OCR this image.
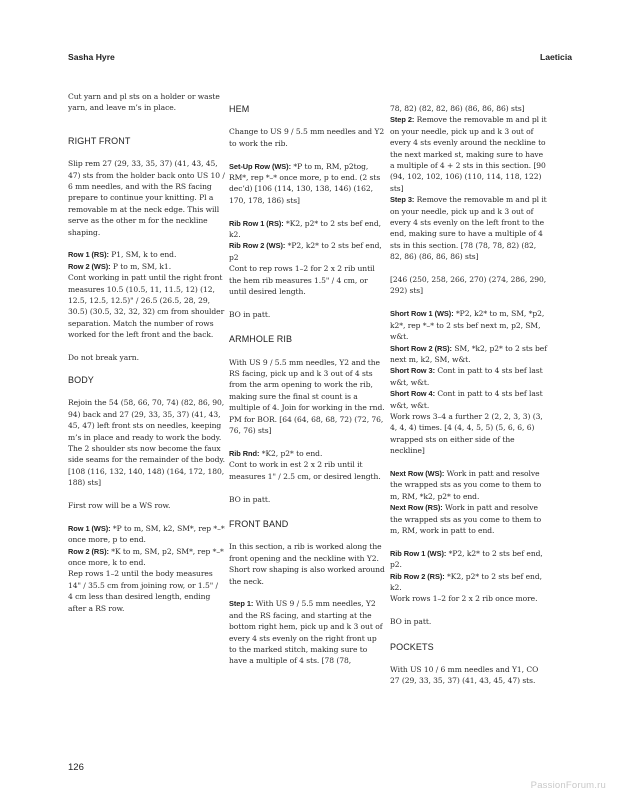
Sasha Hyre	Laeticia

Cut yarn and pl sts on a holder or waste yarn, and leave m’s in place.

RIGHT FRONT

Slip rem 27 (29, 33, 35, 37) (41, 43, 45, 47) sts from the holder back onto US 10 / 6 mm needles, and with the RS facing prepare to continue your knitting. Pl a removable m at the neck edge. This will serve as the other m for the neckline shaping.

Row 1 (RS): P1, SM, k to end.

Row 2 (WS): P to m, SM, k1.

Cont working in patt until the right front measures 10.5 (10.5, 11, 11.5, 12) (12, 12.5, 12.5, 12.5)" / 26.5 (26.5, 28, 29, 30.5) (30.5, 32, 32, 32) cm from shoulder separation. Match the number of rows worked for the left front and the back.

Do not break yarn.

BODY

Rejoin the 54 (58, 66, 70, 74) (82, 86, 90, 94) back and 27 (29, 33, 35, 37) (41, 43, 45, 47) left front sts on needles, keeping m’s in place and ready to work the body. The 2 shoulder sts now become the faux side seams for the remainder of the body. [108 (116, 132, 140, 148) (164, 172, 180, 188) sts]

First row will be a WS row.

Row 1 (WS): *P to m, SM, k2, SM*, rep *–* once more, p to end.

Row 2 (RS): *K to m, SM, p2, SM*, rep *–* once more, k to end.

Rep rows 1–2 until the body measures 14" / 35.5 cm from joining row, or 1.5" / 4 cm less than desired length, ending after a RS row.

HEM

Change to US 9 / 5.5 mm needles and Y2 to work the rib.

Set-Up Row (WS): *P to m, RM, p2tog, RM*, rep *–* once more, p to end. (2 sts dec’d) [106 (114, 130, 138, 146) (162, 170, 178, 186) sts]

Rib Row 1 (RS): *K2, p2* to 2 sts bef end, k2.

Rib Row 2 (WS): *P2, k2* to 2 sts bef end, p2

Cont to rep rows 1–2 for 2 x 2 rib until the hem rib measures 1.5" / 4 cm, or until desired length.

BO in patt.

ARMHOLE RIB

With US 9 / 5.5 mm needles, Y2 and the RS facing, pick up and k 3 out of 4 sts from the arm opening to work the rib, making sure the final st count is a multiple of 4. Join for working in the rnd. PM for BOR. [64 (64, 68, 68, 72) (72, 76, 76, 76) sts]

Rib Rnd: *K2, p2* to end.

Cont to work in est 2 x 2 rib until it measures 1" / 2.5 cm, or desired length.

BO in patt.

FRONT BAND

In this section, a rib is worked along the front opening and the neckline with Y2. Short row shaping is also worked around the neck.

Step 1: With US 9 / 5.5 mm needles, Y2 and the RS facing, and starting at the bottom right hem, pick up and k 3 out of every 4 sts evenly on the right front up to the marked stitch, making sure to have a multiple of 4 sts. [78 (78,

78, 82) (82, 82, 86) (86, 86, 86) sts]

Step 2: Remove the removable m and pl it on your needle, pick up and k 3 out of every 4 sts evenly around the neckline to the next marked st, making sure to have a multiple of 4 + 2 sts in this section. [90 (94, 102, 102, 106) (110, 114, 118, 122) sts]

Step 3: Remove the removable m and pl it on your needle, pick up and k 3 out of every 4 sts evenly on the left front to the end, making sure to have a multiple of 4 sts in this section. [78 (78, 78, 82) (82, 82, 86) (86, 86, 86) sts]

[246 (250, 258, 266, 270) (274, 286, 290, 292) sts]

Short Row 1 (WS): *P2, k2* to m, SM, *p2, k2*, rep *–* to 2 sts bef next m, p2, SM, w&t.

Short Row 2 (RS): SM, *k2, p2* to 2 sts bef next m, k2, SM, w&t.

Short Row 3: Cont in patt to 4 sts bef last w&t, w&t.

Short Row 4: Cont in patt to 4 sts bef last w&t, w&t.

Work rows 3–4 a further 2 (2, 2, 3, 3) (3, 4, 4, 4) times. [4 (4, 4, 5, 5) (5, 6, 6, 6) wrapped sts on either side of the neckline]

Next Row (WS): Work in patt and resolve the wrapped sts as you come to them to m, RM, *k2, p2* to end.

Next Row (RS): Work in patt and resolve the wrapped sts as you come to them to m, RM, work in patt to end.

Rib Row 1 (WS): *P2, k2* to 2 sts bef end, p2.

Rib Row 2 (RS): *K2, p2* to 2 sts bef end, k2.

Work rows 1–2 for 2 x 2 rib once more.

BO in patt.

POCKETS

With US 10 / 6 mm needles and Y1, CO 27 (29, 33, 35, 37) (41, 43, 45, 47) sts.

126
PassionForum.ru
